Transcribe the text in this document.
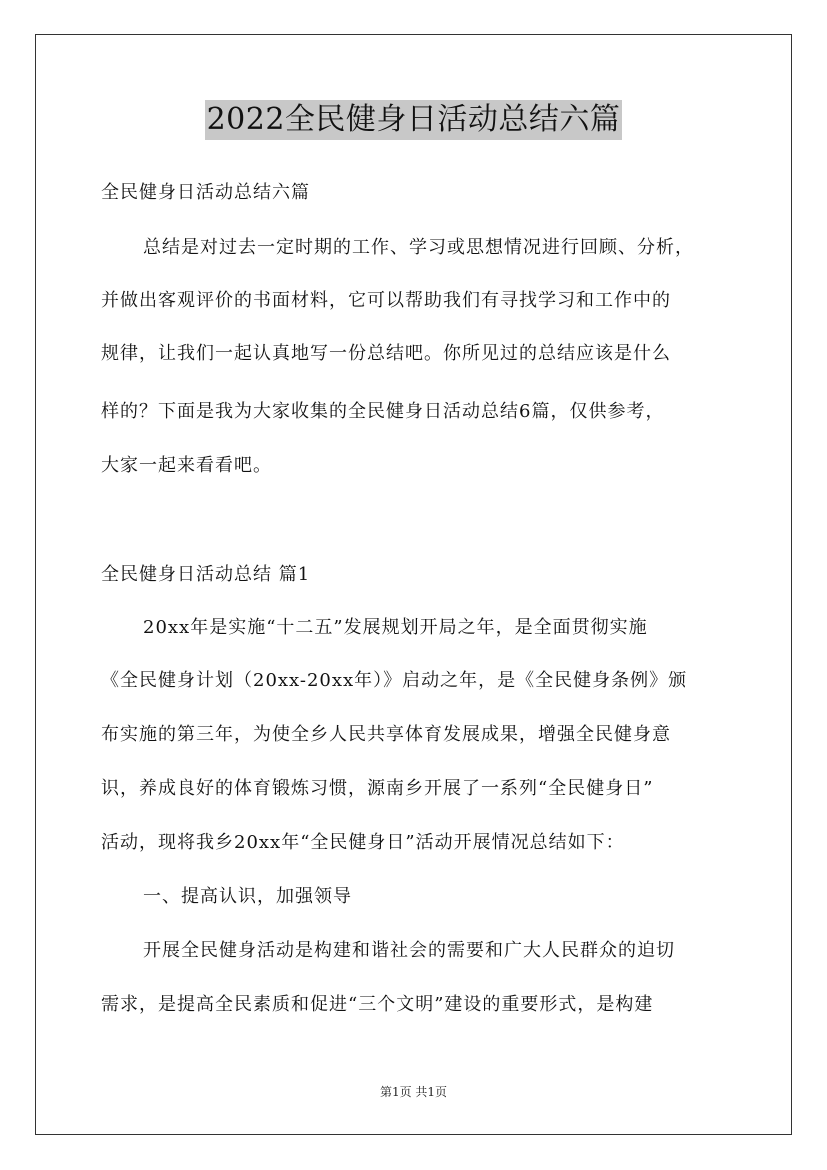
2022全民健身日活动总结六篇
全民健身日活动总结六篇
总结是对过去一定时期的工作、学习或思想情况进行回顾、分析，
并做出客观评价的书面材料，它可以帮助我们有寻找学习和工作中的
规律，让我们一起认真地写一份总结吧。你所见过的总结应该是什么
样的？下面是我为大家收集的全民健身日活动总结6篇，仅供参考，
大家一起来看看吧。
全民健身日活动总结 篇1
20xx年是实施“十二五”发展规划开局之年，是全面贯彻实施
《全民健身计划（20xx-20xx年）》启动之年，是《全民健身条例》颁
布实施的第三年，为使全乡人民共享体育发展成果，增强全民健身意
识，养成良好的体育锻炼习惯，源南乡开展了一系列“全民健身日”
活动，现将我乡20xx年“全民健身日”活动开展情况总结如下：
一、提高认识，加强领导
开展全民健身活动是构建和谐社会的需要和广大人民群众的迫切
需求，是提高全民素质和促进“三个文明”建设的重要形式，是构建
第1页 共1页
